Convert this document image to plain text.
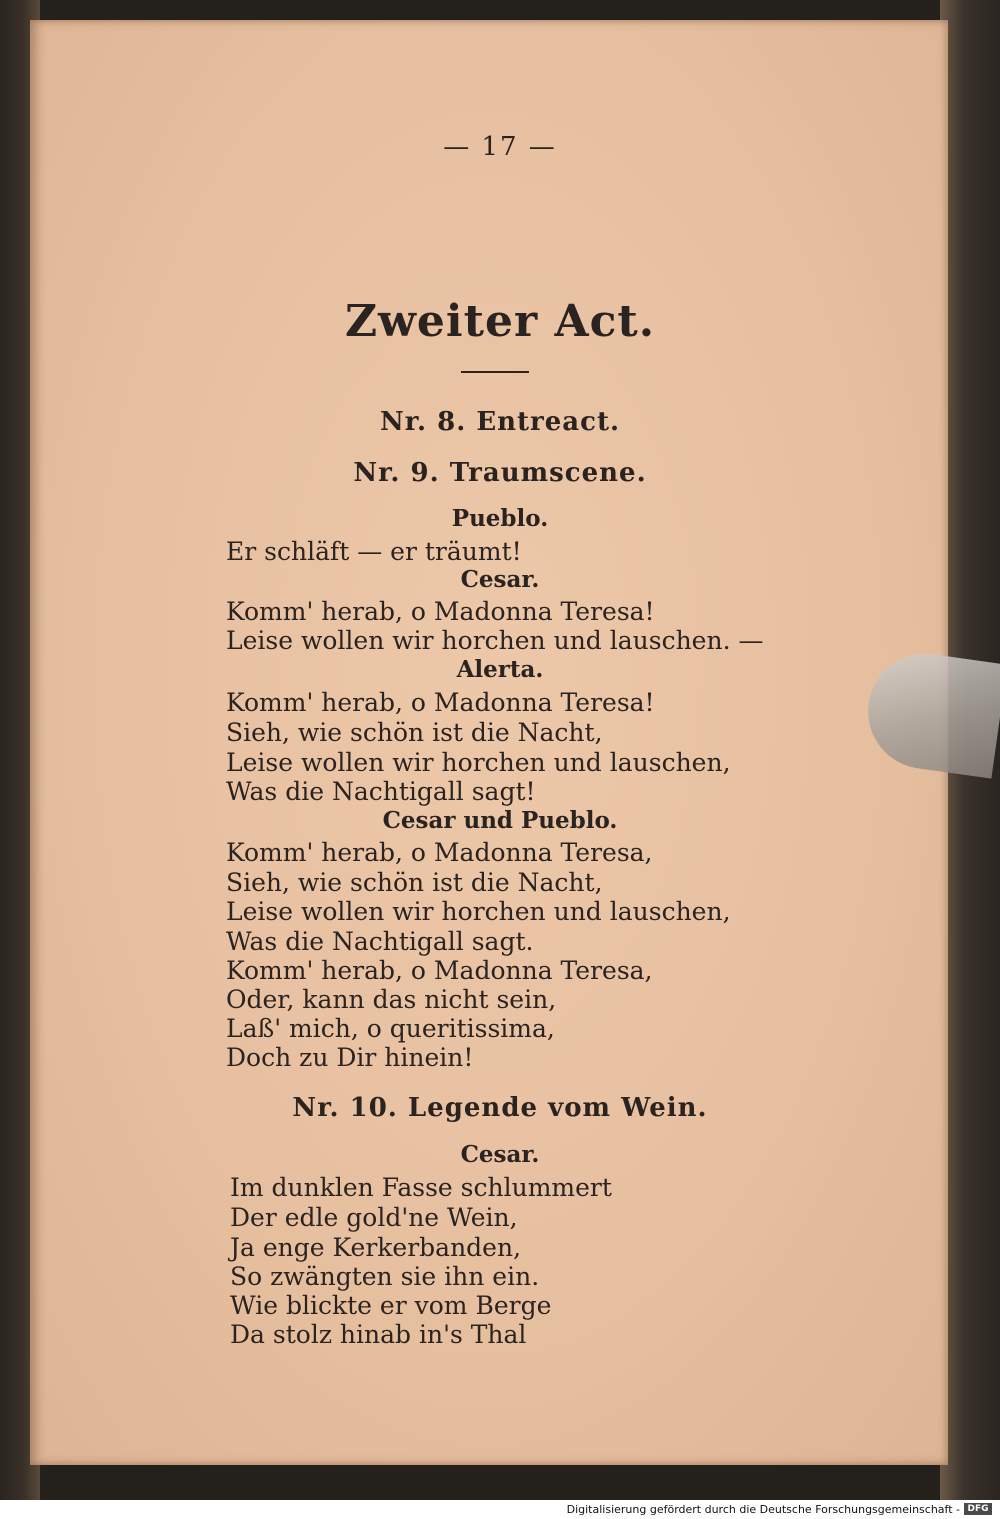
— 17 —
Zweiter Act.
Nr. 8. Entreact.
Nr. 9. Traumscene.
Pueblo.
Er schläft — er träumt!
Cesar.
Komm' herab, o Madonna Teresa!
Leise wollen wir horchen und lauschen. —
Alerta.
Komm' herab, o Madonna Teresa!
Sieh, wie schön ist die Nacht,
Leise wollen wir horchen und lauschen,
Was die Nachtigall sagt!
Cesar und Pueblo.
Komm' herab, o Madonna Teresa,
Sieh, wie schön ist die Nacht,
Leise wollen wir horchen und lauschen,
Was die Nachtigall sagt.
Komm' herab, o Madonna Teresa,
Oder, kann das nicht sein,
Laß' mich, o queritissima,
Doch zu Dir hinein!
Nr. 10. Legende vom Wein.
Cesar.
Im dunklen Fasse schlummert
Der edle gold'ne Wein,
Ja enge Kerkerbanden,
So zwängten sie ihn ein.
Wie blickte er vom Berge
Da stolz hinab in's Thal
Digitalisierung gefördert durch die Deutsche Forschungsgemeinschaft - DFG
